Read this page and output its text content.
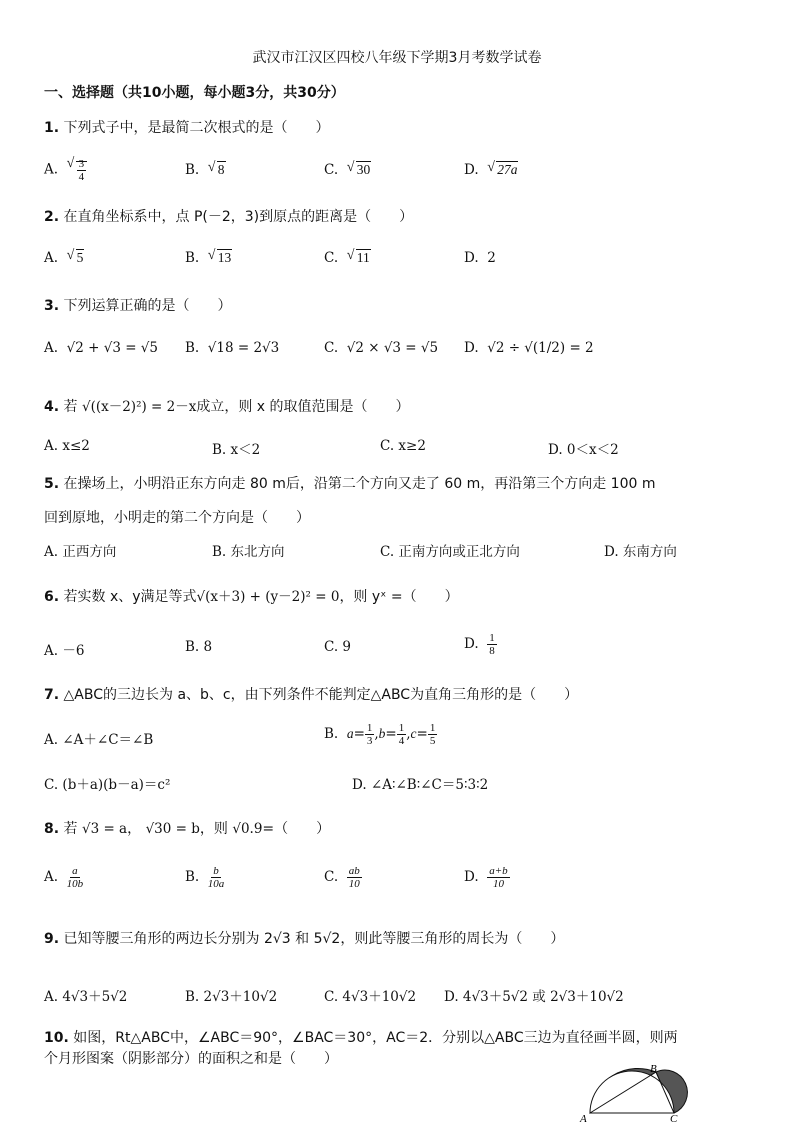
武汉市江汉区四校八年级下学期3月考数学试卷
一、选择题（共10小题，每小题3分，共30分）
1. 下列式子中，是最简二次根式的是（　　）
A.
√ $\frac{3}{4}$	B.  √ 8	C.  √ 30	D.  √ 27a
2. 在直角坐标系中，点 P(－2，3)到原点的距离是（　　）
A.  √ 5	B.  √ 13	C.  √ 11	D.  2
3. 下列运算正确的是（　　）
A.  √2 + √3 = √5 B.  √18 = 2√3	C.  √2 × √3 = √5 D.  √2 ÷ √(1/2) = 2
4. 若 √((x－2)²) = 2－x成立，则 x 的取值范围是（　　）
A. x≤2	B. x＜2	C. x≥2	D. 0＜x＜2
5. 在操场上，小明沿正东方向走 80 m后，沿第二个方向又走了 60 m，再沿第三个方向走 100 m
回到原地，小明走的第二个方向是（　　）
A. 正西方向	B. 东北方向	C. 正南方向或正北方向	D. 东南方向
6. 若实数 x、y满足等式√(x＋3) + (y－2)² = 0，则 yˣ =（　　）
A. －6	B. 8	C. 9	D. $\frac{1}{8}$
7. △ABC的三边长为 a、b、c，由下列条件不能判定△ABC为直角三角形的是（　　）
A. ∠A＋∠C＝∠B	B. $a= \frac{1}{3} ,b= \frac{1}{4} ,c= \frac{1}{5}$
C. (b＋a)(b－a)＝c²	D. ∠A∶∠B∶∠C＝5∶3∶2
8. 若 √3 = a， √30 = b，则 √0.9=（　　）
A. $\frac{a}{10b}$	B. $\frac{b}{10a}$	C. $\frac{ab}{10}$	D. $\frac{a+b}{10}$
9. 已知等腰三角形的两边长分别为 2√3 和 5√2，则此等腰三角形的周长为（　　）
A. 4√3＋5√2	B. 2√3＋10√2	C. 4√3＋10√2 D. 4√3＋5√2 或 2√3＋10√2
10. 如图，Rt△ABC中，∠ABC＝90°，∠BAC＝30°，AC＝2．分别以△ABC三边为直径画半圆，则两
个月形图案（阴影部分）的面积之和是（　　）
A
B
C
